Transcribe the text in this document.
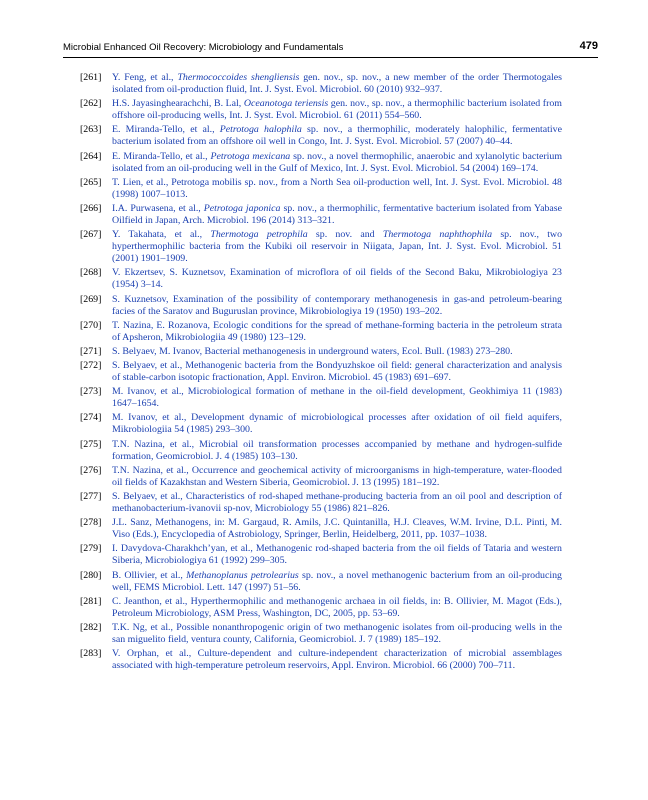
Microbial Enhanced Oil Recovery: Microbiology and Fundamentals	479
[261]	Y. Feng, et al., Thermococcoides shengliensis gen. nov., sp. nov., a new member of the order Thermotogales isolated from oil-production fluid, Int. J. Syst. Evol. Microbiol. 60 (2010) 932–937.
[262]	H.S. Jayasinghearachchi, B. Lal, Oceanotoga teriensis gen. nov., sp. nov., a thermophilic bacterium isolated from offshore oil-producing wells, Int. J. Syst. Evol. Microbiol. 61 (2011) 554–560.
[263]	E. Miranda-Tello, et al., Petrotoga halophila sp. nov., a thermophilic, moderately halophilic, fermentative bacterium isolated from an offshore oil well in Congo, Int. J. Syst. Evol. Microbiol. 57 (2007) 40–44.
[264]	E. Miranda-Tello, et al., Petrotoga mexicana sp. nov., a novel thermophilic, anaerobic and xylanolytic bacterium isolated from an oil-producing well in the Gulf of Mexico, Int. J. Syst. Evol. Microbiol. 54 (2004) 169–174.
[265]	T. Lien, et al., Petrotoga mobilis sp. nov., from a North Sea oil-production well, Int. J. Syst. Evol. Microbiol. 48 (1998) 1007–1013.
[266]	I.A. Purwasena, et al., Petrotoga japonica sp. nov., a thermophilic, fermentative bacterium isolated from Yabase Oilfield in Japan, Arch. Microbiol. 196 (2014) 313–321.
[267]	Y. Takahata, et al., Thermotoga petrophila sp. nov. and Thermotoga naphthophila sp. nov., two hyperthermophilic bacteria from the Kubiki oil reservoir in Niigata, Japan, Int. J. Syst. Evol. Microbiol. 51 (2001) 1901–1909.
[268]	V. Ekzertsev, S. Kuznetsov, Examination of microflora of oil fields of the Second Baku, Mikrobiologiya 23 (1954) 3–14.
[269]	S. Kuznetsov, Examination of the possibility of contemporary methanogenesis in gas-and petroleum-bearing facies of the Saratov and Buguruslan province, Mikrobiologiya 19 (1950) 193–202.
[270]	T. Nazina, E. Rozanova, Ecologic conditions for the spread of methane-forming bacteria in the petroleum strata of Apsheron, Mikrobiologiia 49 (1980) 123–129.
[271]	S. Belyaev, M. Ivanov, Bacterial methanogenesis in underground waters, Ecol. Bull. (1983) 273–280.
[272]	S. Belyaev, et al., Methanogenic bacteria from the Bondyuzhskoe oil field: general characterization and analysis of stable-carbon isotopic fractionation, Appl. Environ. Microbiol. 45 (1983) 691–697.
[273]	M. Ivanov, et al., Microbiological formation of methane in the oil-field development, Geokhimiya 11 (1983) 1647–1654.
[274]	M. Ivanov, et al., Development dynamic of microbiological processes after oxidation of oil field aquifers, Mikrobiologiia 54 (1985) 293–300.
[275]	T.N. Nazina, et al., Microbial oil transformation processes accompanied by methane and hydrogen-sulfide formation, Geomicrobiol. J. 4 (1985) 103–130.
[276]	T.N. Nazina, et al., Occurrence and geochemical activity of microorganisms in high-temperature, water-flooded oil fields of Kazakhstan and Western Siberia, Geomicrobiol. J. 13 (1995) 181–192.
[277]	S. Belyaev, et al., Characteristics of rod-shaped methane-producing bacteria from an oil pool and description of methanobacterium-ivanovii sp-nov, Microbiology 55 (1986) 821–826.
[278]	J.L. Sanz, Methanogens, in: M. Gargaud, R. Amils, J.C. Quintanilla, H.J. Cleaves, W.M. Irvine, D.L. Pinti, M. Viso (Eds.), Encyclopedia of Astrobiology, Springer, Berlin, Heidelberg, 2011, pp. 1037–1038.
[279]	I. Davydova-Charakhch’yan, et al., Methanogenic rod-shaped bacteria from the oil fields of Tataria and western Siberia, Microbiologiya 61 (1992) 299–305.
[280]	B. Ollivier, et al., Methanoplanus petrolearius sp. nov., a novel methanogenic bacterium from an oil-producing well, FEMS Microbiol. Lett. 147 (1997) 51–56.
[281]	C. Jeanthon, et al., Hyperthermophilic and methanogenic archaea in oil fields, in: B. Ollivier, M. Magot (Eds.), Petroleum Microbiology, ASM Press, Washington, DC, 2005, pp. 53–69.
[282]	T.K. Ng, et al., Possible nonanthropogenic origin of two methanogenic isolates from oil-producing wells in the san miguelito field, ventura county, California, Geomicrobiol. J. 7 (1989) 185–192.
[283]	V. Orphan, et al., Culture-dependent and culture-independent characterization of microbial assemblages associated with high-temperature petroleum reservoirs, Appl. Environ. Microbiol. 66 (2000) 700–711.
